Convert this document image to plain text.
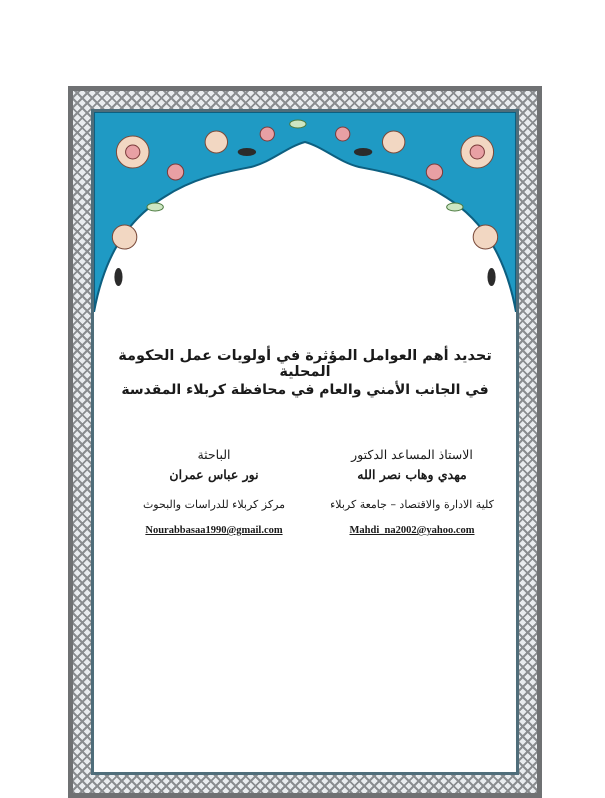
تحديد أهم العوامل المؤثرة في أولويات عمل الحكومة المحلية
في الجانب الأمني والعام في محافظة كربلاء المقدسة
الاستاذ المساعد الدكتور
مهدي وهاب نصر الله
كلية الادارة والاقتصاد – جامعة كربلاء
Mahdi_na2002@yahoo.com
الباحثة
نور عباس عمران
مركز كربلاء للدراسات والبحوث
Nourabbasaa1990@gmail.com
